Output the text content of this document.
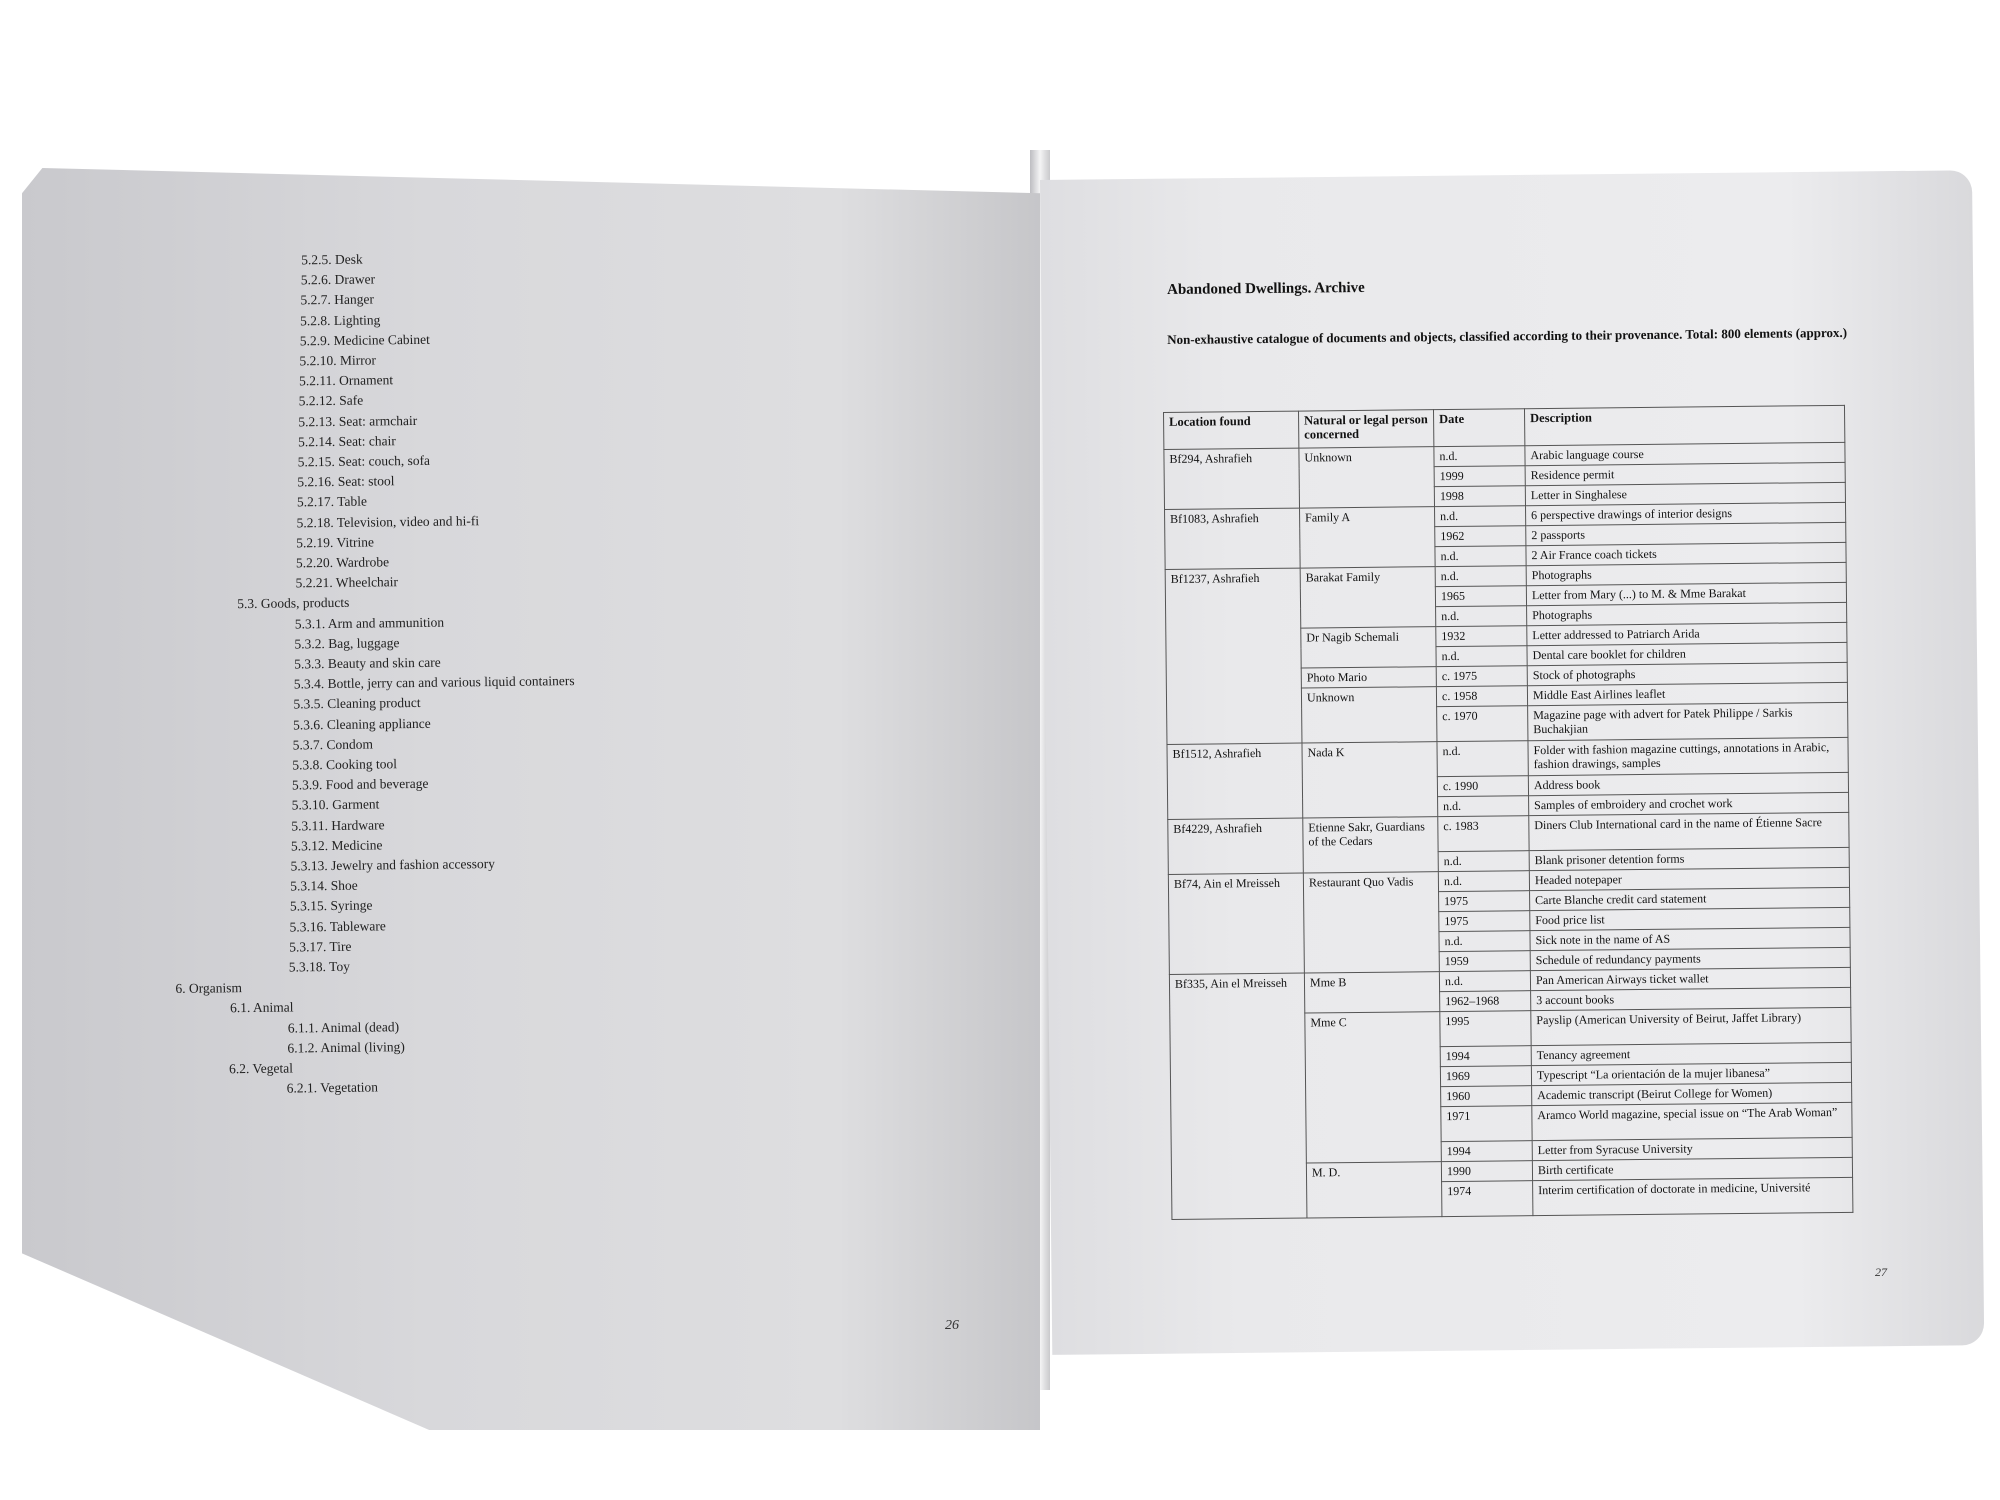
5.2.5. Desk
5.2.6. Drawer
5.2.7. Hanger
5.2.8. Lighting
5.2.9. Medicine Cabinet
5.2.10. Mirror
5.2.11. Ornament
5.2.12. Safe
5.2.13. Seat: armchair
5.2.14. Seat: chair
5.2.15. Seat: couch, sofa
5.2.16. Seat: stool
5.2.17. Table
5.2.18. Television, video and hi-fi
5.2.19. Vitrine
5.2.20. Wardrobe
5.2.21. Wheelchair
5.3. Goods, products
5.3.1. Arm and ammunition
5.3.2. Bag, luggage
5.3.3. Beauty and skin care
5.3.4. Bottle, jerry can and various liquid containers
5.3.5. Cleaning product
5.3.6. Cleaning appliance
5.3.7. Condom
5.3.8. Cooking tool
5.3.9. Food and beverage
5.3.10. Garment
5.3.11. Hardware
5.3.12. Medicine
5.3.13. Jewelry and fashion accessory
5.3.14. Shoe
5.3.15. Syringe
5.3.16. Tableware
5.3.17. Tire
5.3.18. Toy
6. Organism
6.1. Animal
6.1.1. Animal (dead)
6.1.2. Animal (living)
6.2. Vegetal
6.2.1. Vegetation
26
Abandoned Dwellings. Archive
Non-exhaustive catalogue of documents and objects, classified according to their provenance. Total: 800 elements (approx.)
Location found	Natural or legal person concerned	Date	Description
Bf294, Ashrafieh	Unknown	n.d.	Arabic language course
		1999	Residence permit
		1998	Letter in Singhalese
Bf1083, Ashrafieh	Family A	n.d.	6 perspective drawings of interior designs
		1962	2 passports
		n.d.	2 Air France coach tickets
Bf1237, Ashrafieh	Barakat Family	n.d.	Photographs
		1965	Letter from Mary (...) to M. & Mme Barakat
		n.d.	Photographs
	Dr Nagib Schemali	1932	Letter addressed to Patriarch Arida
		n.d.	Dental care booklet for children
	Photo Mario	c. 1975	Stock of photographs
	Unknown	c. 1958	Middle East Airlines leaflet
		c. 1970	Magazine page with advert for Patek Philippe / Sarkis Buchakjian
Bf1512, Ashrafieh	Nada K	n.d.	Folder with fashion magazine cuttings, annotations in Arabic, fashion drawings, samples
		c. 1990	Address book
		n.d.	Samples of embroidery and crochet work
Bf4229, Ashrafieh	Etienne Sakr, Guardians of the Cedars	c. 1983	Diners Club International card in the name of Étienne Sacre
		n.d.	Blank prisoner detention forms
Bf74, Ain el Mreisseh	Restaurant Quo Vadis	n.d.	Headed notepaper
		1975	Carte Blanche credit card statement
		1975	Food price list
		n.d.	Sick note in the name of AS
		1959	Schedule of redundancy payments
Bf335, Ain el Mreisseh	Mme B	n.d.	Pan American Airways ticket wallet
		1962–1968	3 account books
	Mme C	1995	Payslip (American University of Beirut, Jaffet Library)
		1994	Tenancy agreement
		1969	Typescript “La orientación de la mujer libanesa”
		1960	Academic transcript (Beirut College for Women)
		1971	Aramco World magazine, special issue on “The Arab Woman”
		1994	Letter from Syracuse University
	M. D.	1990	Birth certificate
		1974	Interim certification of doctorate in medicine, Université
27
